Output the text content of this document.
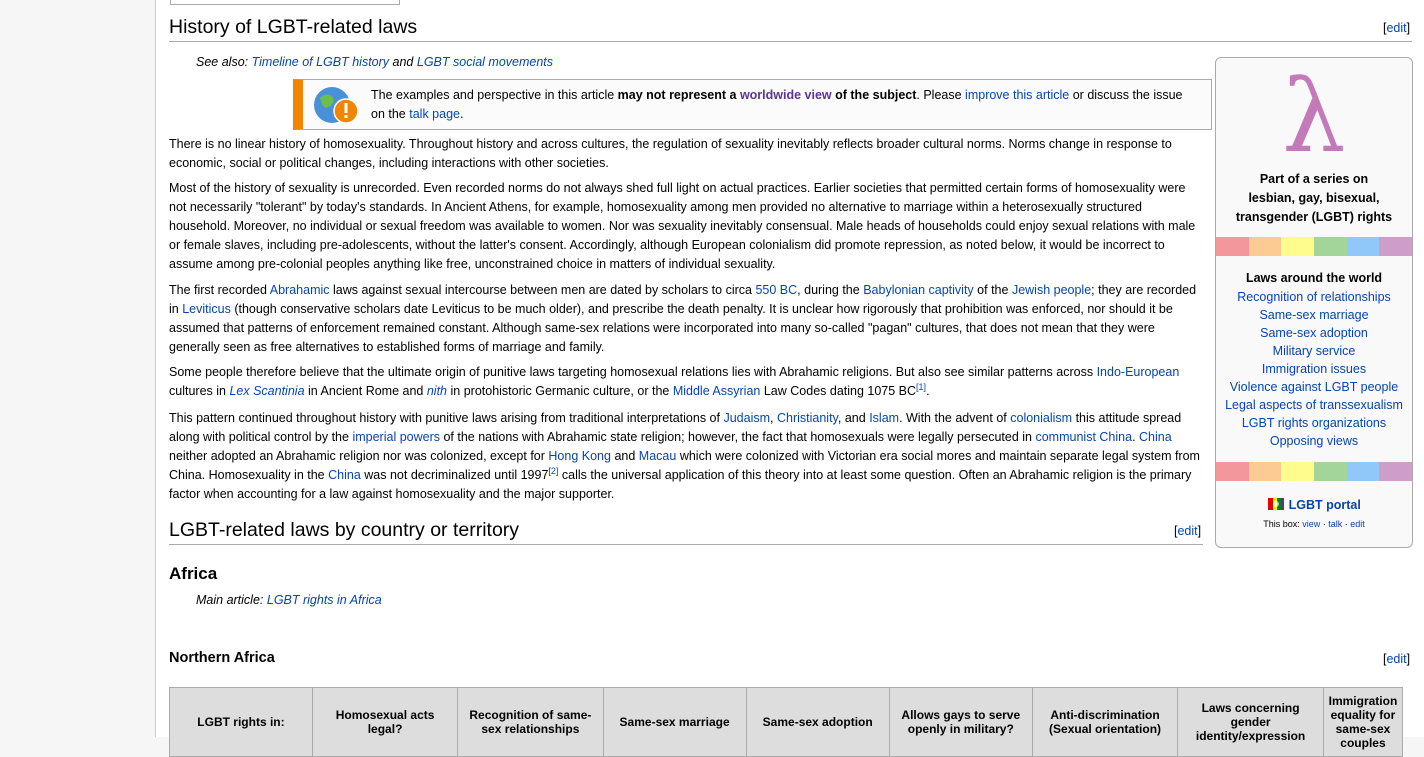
History of LGBT-related laws	[edit]
See also: Timeline of LGBT history and LGBT social movements
The examples and perspective in this article may not represent a worldwide view of the subject. Please improve this article or discuss the issue on the talk page.

There is no linear history of homosexuality. Throughout history and across cultures, the regulation of sexuality inevitably reflects broader cultural norms. Norms change in response to economic, social or political changes, including interactions with other societies.

Most of the history of sexuality is unrecorded. Even recorded norms do not always shed full light on actual practices. Earlier societies that permitted certain forms of homosexuality were not necessarily "tolerant" by today's standards. In Ancient Athens, for example, homosexuality among men provided no alternative to marriage within a heterosexually structured household. Moreover, no individual or sexual freedom was available to women. Nor was sexuality inevitably consensual. Male heads of households could enjoy sexual relations with male or female slaves, including pre-adolescents, without the latter's consent. Accordingly, although European colonialism did promote repression, as noted below, it would be incorrect to assume among pre-colonial peoples anything like free, unconstrained choice in matters of individual sexuality.

The first recorded Abrahamic laws against sexual intercourse between men are dated by scholars to circa 550 BC, during the Babylonian captivity of the Jewish people; they are recorded in Leviticus (though conservative scholars date Leviticus to be much older), and prescribe the death penalty. It is unclear how rigorously that prohibition was enforced, nor should it be assumed that patterns of enforcement remained constant. Although same-sex relations were incorporated into many so-called "pagan" cultures, that does not mean that they were generally seen as free alternatives to established forms of marriage and family.

Some people therefore believe that the ultimate origin of punitive laws targeting homosexual relations lies with Abrahamic religions. But also see similar patterns across Indo-European cultures in Lex Scantinia in Ancient Rome and nith in protohistoric Germanic culture, or the Middle Assyrian Law Codes dating 1075 BC[1].

This pattern continued throughout history with punitive laws arising from traditional interpretations of Judaism, Christianity, and Islam. With the advent of colonialism this attitude spread along with political control by the imperial powers of the nations with Abrahamic state religion; however, the fact that homosexuals were legally persecuted in communist China. China neither adopted an Abrahamic religion nor was colonized, except for Hong Kong and Macau which were colonized with Victorian era social mores and maintain separate legal system from China. Homosexuality in the China was not decriminalized until 1997[2] calls the universal application of this theory into at least some question. Often an Abrahamic religion is the primary factor when accounting for a law against homosexuality and the major supporter.

LGBT-related laws by country or territory	[edit]
Africa
Main article: LGBT rights in Africa
Northern Africa	[edit]
LGBT rights in:	Homosexual acts legal?	Recognition of same-sex relationships	Same-sex marriage	Same-sex adoption	Allows gays to serve openly in military?	Anti-discrimination (Sexual orientation)	Laws concerning gender identity/expression	Immigration equality for same-sex couples
λ
Part of a series on
lesbian, gay, bisexual,
transgender (LGBT) rights
Laws around the world
Recognition of relationships
Same-sex marriage
Same-sex adoption
Military service
Immigration issues
Violence against LGBT people
Legal aspects of transsexualism
LGBT rights organizations
Opposing views
LGBT portal
This box: view · talk · edit
